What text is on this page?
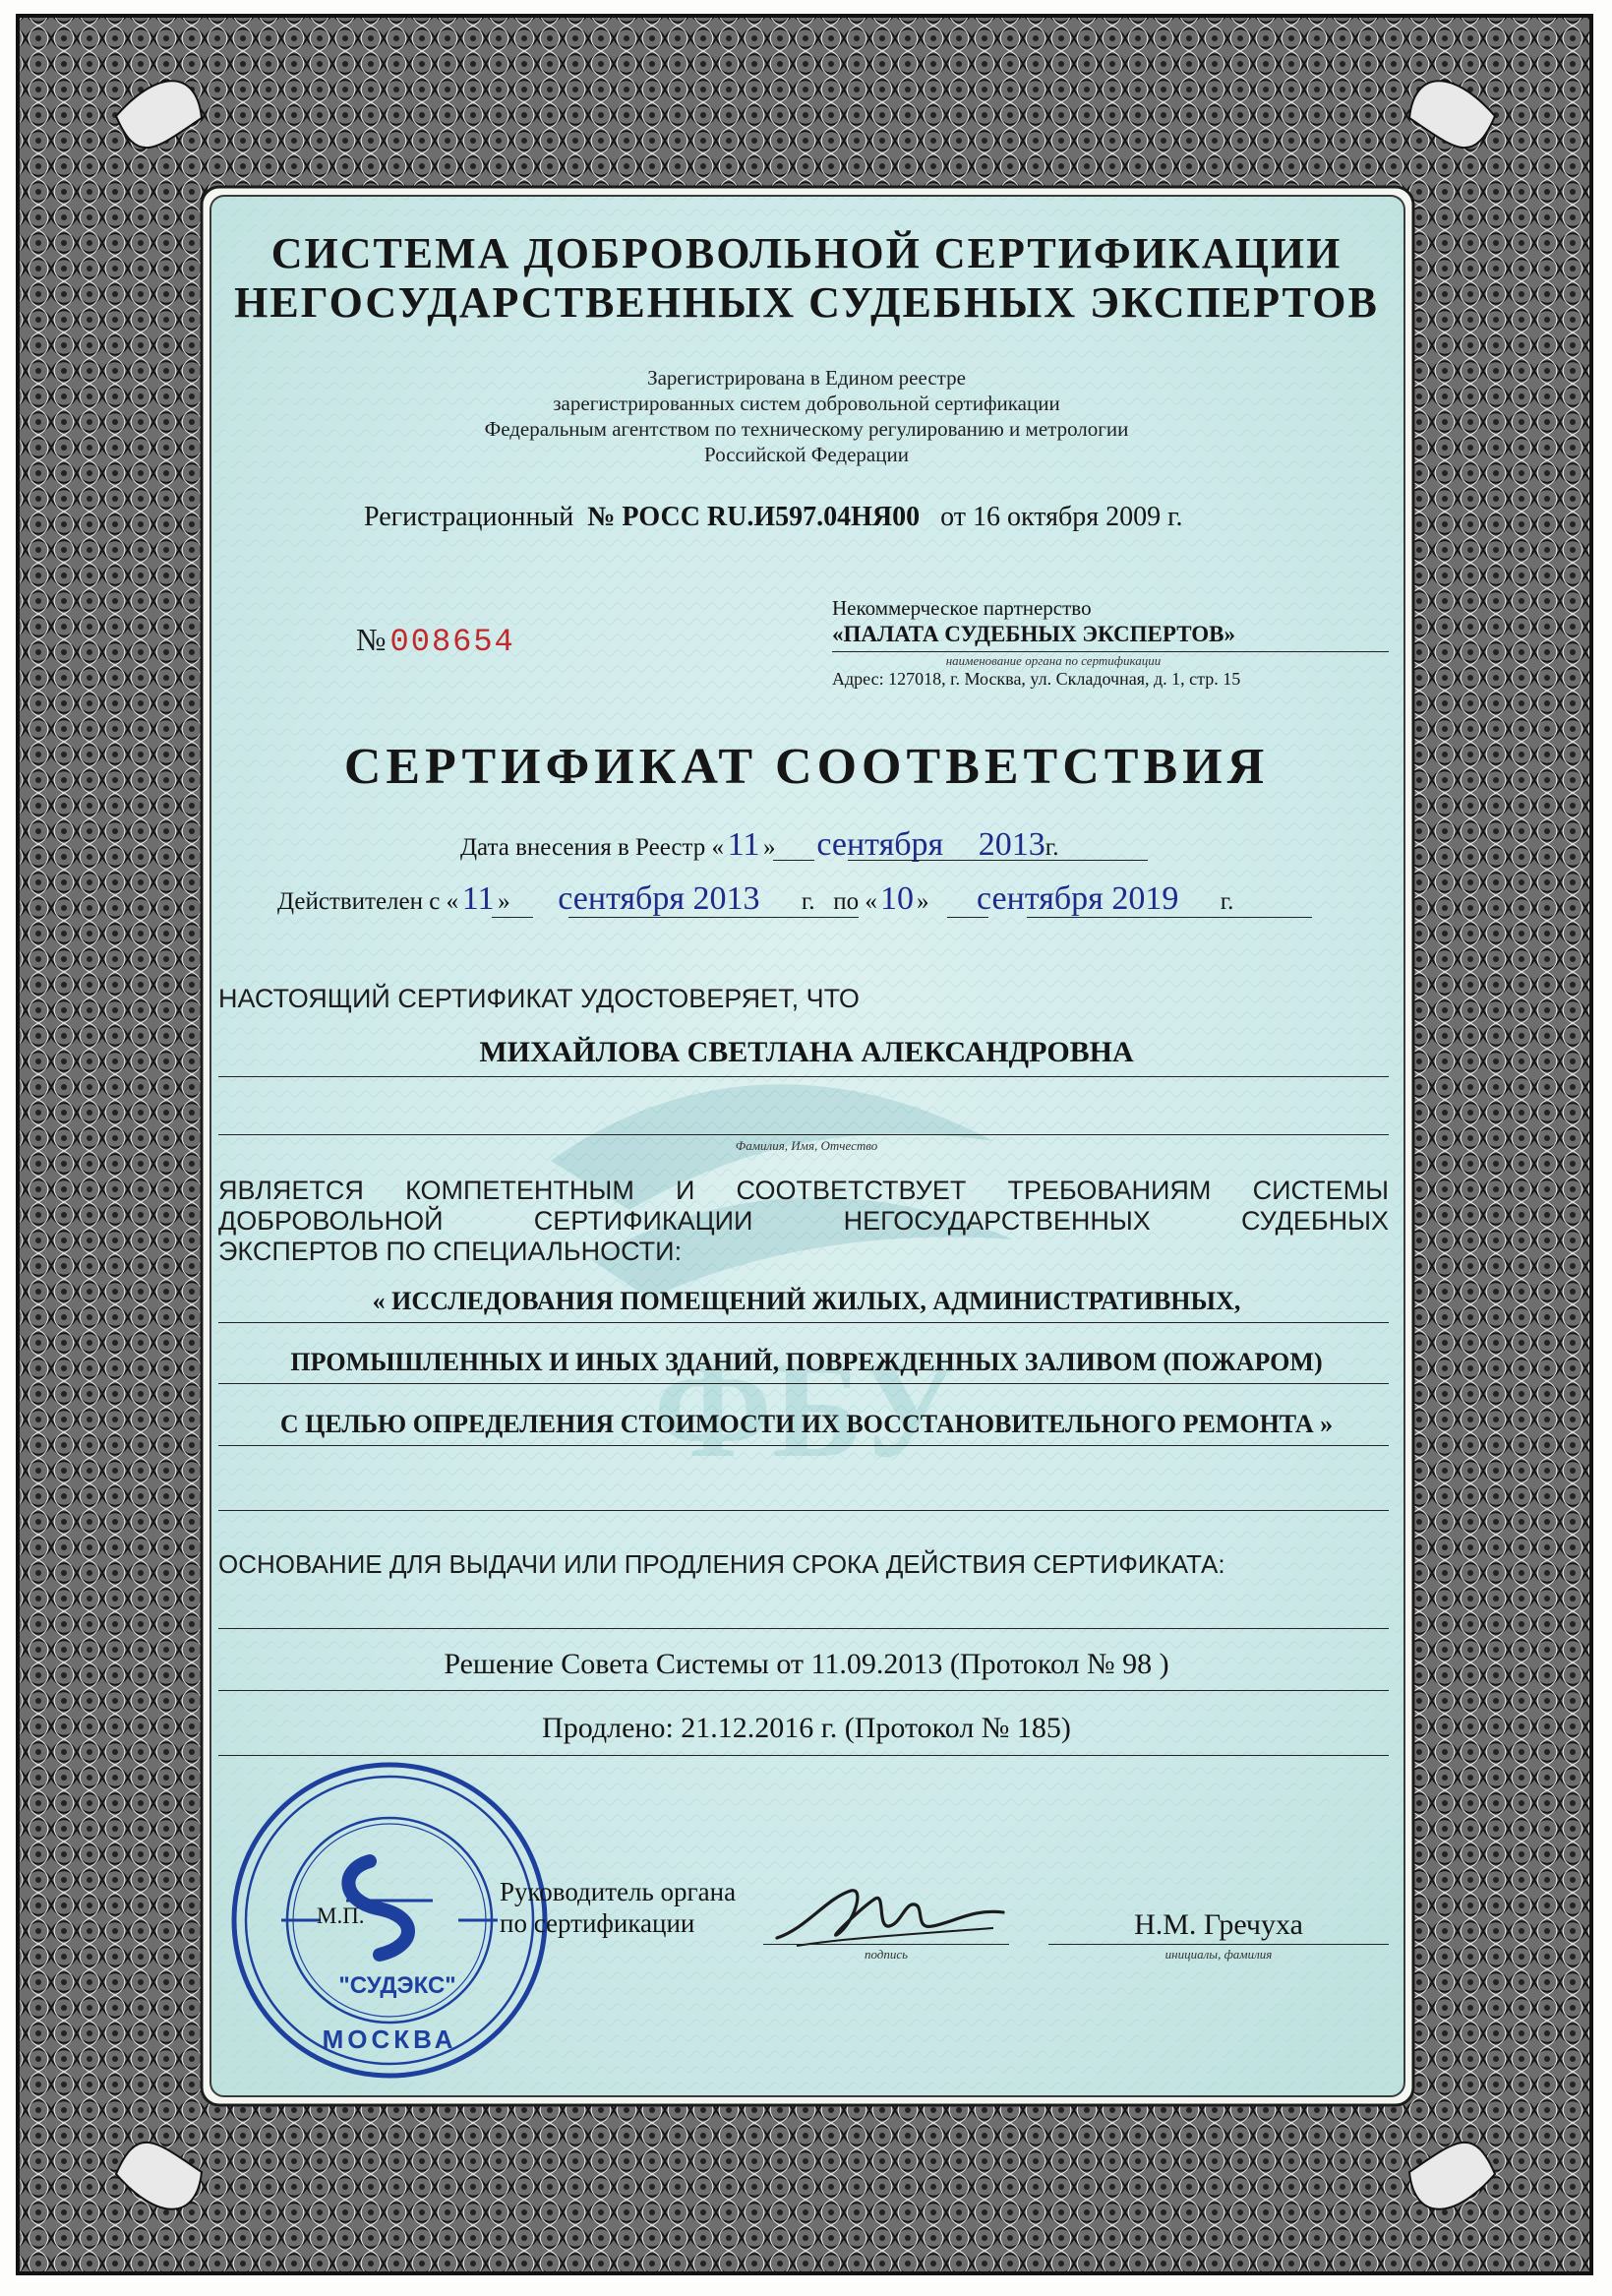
ФБУ
СИСТЕМА ДОБРОВОЛЬНОЙ СЕРТИФИКАЦИИ
НЕГОСУДАРСТВЕННЫХ СУДЕБНЫХ ЭКСПЕРТОВ
Зарегистрирована в Едином реестре
зарегистрированных систем добровольной сертификации
Федеральным агентством по техническому регулированию и метрологии
Российской Федерации
Регистрационный № РОСС RU.И597.04НЯ00 от 16 октября 2009 г.
№ 008654
Некоммерческое партнерство
«ПАЛАТА СУДЕБНЫХ ЭКСПЕРТОВ»
наименование органа по сертификации
Адрес: 127018, г. Москва, ул. Складочная, д. 1, стр. 15
СЕРТИФИКАТ СООТВЕТСТВИЯ
Дата внесения в Реестр « 11 » сентября 2013г.
Действителен с « 11 » сентября 2013 г. по «10 » сентября 2019 г.
НАСТОЯЩИЙ СЕРТИФИКАТ УДОСТОВЕРЯЕТ, ЧТО
МИХАЙЛОВА СВЕТЛАНА АЛЕКСАНДРОВНА
Фамилия, Имя, Отчество
ЯВЛЯЕТСЯ КОМПЕТЕНТНЫМ И СООТВЕТСТВУЕТ ТРЕБОВАНИЯМ СИСТЕМЫ
ДОБРОВОЛЬНОЙ СЕРТИФИКАЦИИ НЕГОСУДАРСТВЕННЫХ СУДЕБНЫХ
ЭКСПЕРТОВ ПО СПЕЦИАЛЬНОСТИ:
« ИССЛЕДОВАНИЯ ПОМЕЩЕНИЙ ЖИЛЫХ, АДМИНИСТРАТИВНЫХ,
ПРОМЫШЛЕННЫХ И ИНЫХ ЗДАНИЙ, ПОВРЕЖДЕННЫХ ЗАЛИВОМ (ПОЖАРОМ)
С ЦЕЛЬЮ ОПРЕДЕЛЕНИЯ СТОИМОСТИ ИХ ВОССТАНОВИТЕЛЬНОГО РЕМОНТА »
ОСНОВАНИЕ ДЛЯ ВЫДАЧИ ИЛИ ПРОДЛЕНИЯ СРОКА ДЕЙСТВИЯ СЕРТИФИКАТА:
Решение Совета Системы от 11.09.2013 (Протокол № 98 )
Продлено: 21.12.2016 г. (Протокол № 185)
"СУДЭКС"
МОСКВА
М.П.
Руководитель органа
по сертификации
подпись
Н.М. Гречуха
инициалы, фамилия
